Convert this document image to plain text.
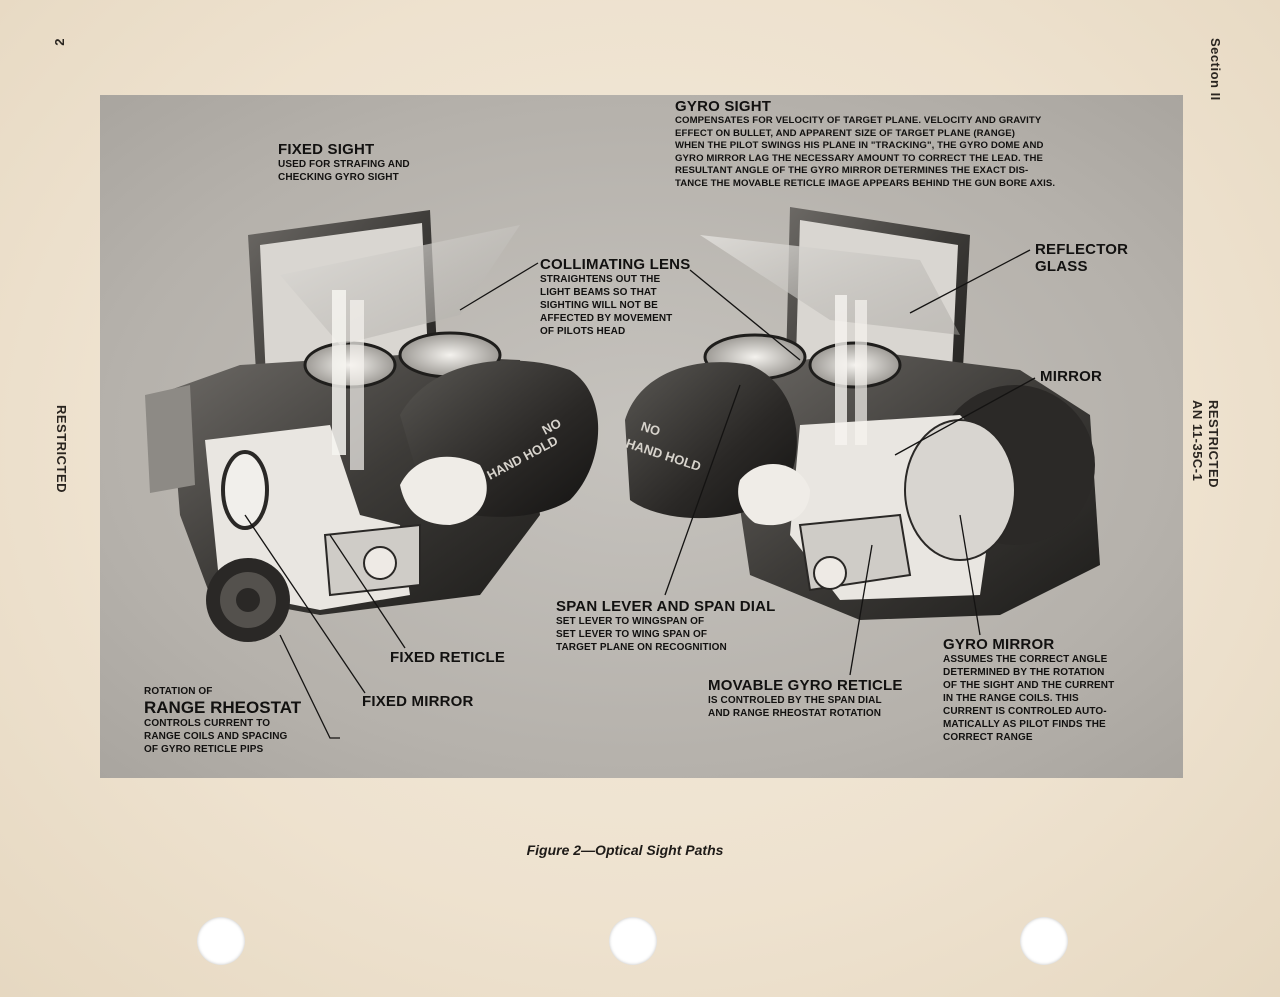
2
RESTRICTED
Section II
RESTRICTED
AN 11-35C-1
NO
HAND HOLD
NO
HAND HOLD
FIXED SIGHT
USED FOR STRAFING AND
CHECKING GYRO SIGHT
GYRO SIGHT
COMPENSATES FOR VELOCITY OF TARGET PLANE. VELOCITY AND GRAVITY
EFFECT ON BULLET, AND APPARENT SIZE OF TARGET PLANE (RANGE)
WHEN THE PILOT SWINGS HIS PLANE IN "TRACKING", THE GYRO DOME AND
GYRO MIRROR LAG THE NECESSARY AMOUNT TO CORRECT THE LEAD. THE
RESULTANT ANGLE OF THE GYRO MIRROR DETERMINES THE EXACT DIS-
TANCE THE MOVABLE RETICLE IMAGE APPEARS BEHIND THE GUN BORE AXIS.
COLLIMATING LENS
STRAIGHTENS OUT THE
LIGHT BEAMS SO THAT
SIGHTING WILL NOT BE
AFFECTED BY MOVEMENT
OF PILOTS HEAD
REFLECTOR
GLASS
MIRROR
SPAN LEVER AND SPAN DIAL
SET LEVER TO WINGSPAN OF
SET LEVER TO WING SPAN OF
TARGET PLANE ON RECOGNITION
FIXED RETICLE
FIXED MIRROR
ROTATION OF
RANGE RHEOSTAT
CONTROLS CURRENT TO
RANGE COILS AND SPACING
OF GYRO RETICLE PIPS
MOVABLE GYRO RETICLE
IS CONTROLED BY THE SPAN DIAL
AND RANGE RHEOSTAT ROTATION
GYRO MIRROR
ASSUMES THE CORRECT ANGLE
DETERMINED BY THE ROTATION
OF THE SIGHT AND THE CURRENT
IN THE RANGE COILS. THIS
CURRENT IS CONTROLED AUTO-
MATICALLY AS PILOT FINDS THE
CORRECT RANGE
Figure 2—Optical Sight Paths
